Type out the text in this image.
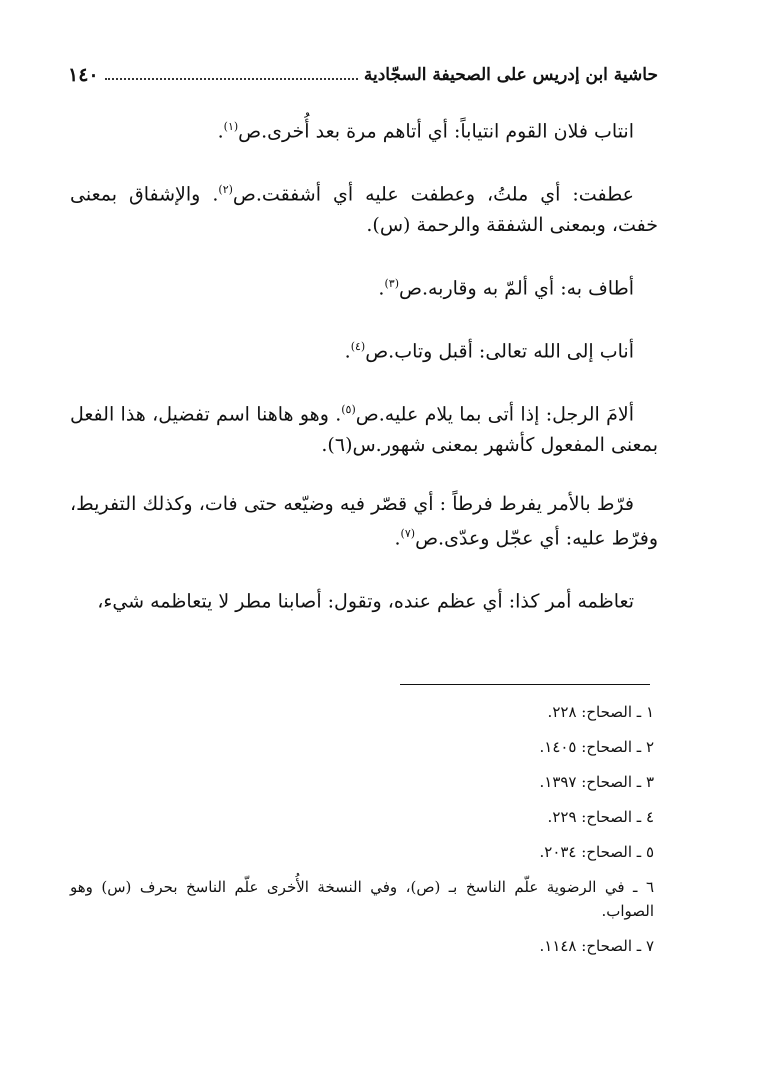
١٤٠	حاشية ابن إدريس على الصحيفة السجّادية

انتاب فلان القوم انتياباً: أي أتاهم مرة بعد أُخرى.ص$^{(١)}$.

عطفت: أي ملتُ، وعطفت عليه أي أشفقت.ص$^{(٢)}$. والإشفاق بمعنى خفت، وبمعنى الشفقة والرحمة (س).

أطاف به: أي ألمّ به وقاربه.ص$^{(٣)}$.

أناب إلى الله تعالى: أقبل وتاب.ص$^{(٤)}$.

ألامَ الرجل: إذا أتى بما يلام عليه.ص$^{(٥)}$. وهو هاهنا اسم تفضيل، هذا الفعل بمعنى المفعول كأشهر بمعنى شهور.س(٦).

فرّط بالأمر يفرط فرطاً : أي قصّر فيه وضيّعه حتى فات، وكذلك التفريط، وفرّط عليه: أي عجّل وعدّى.ص$^{(٧)}$.

تعاظمه أمر كذا: أي عظم عنده، وتقول: أصابنا مطر لا يتعاظمه شيء،

١ ـ الصحاح: ٢٢٨.
٢ ـ الصحاح: ١٤٠٥.
٣ ـ الصحاح: ١٣٩٧.
٤ ـ الصحاح: ٢٢٩.
٥ ـ الصحاح: ٢٠٣٤.
٦ ـ في الرضوية علّم الناسخ بـ (ص)، وفي النسخة الأُخرى علّم الناسخ بحرف (س) وهو الصواب.
٧ ـ الصحاح: ١١٤٨.
